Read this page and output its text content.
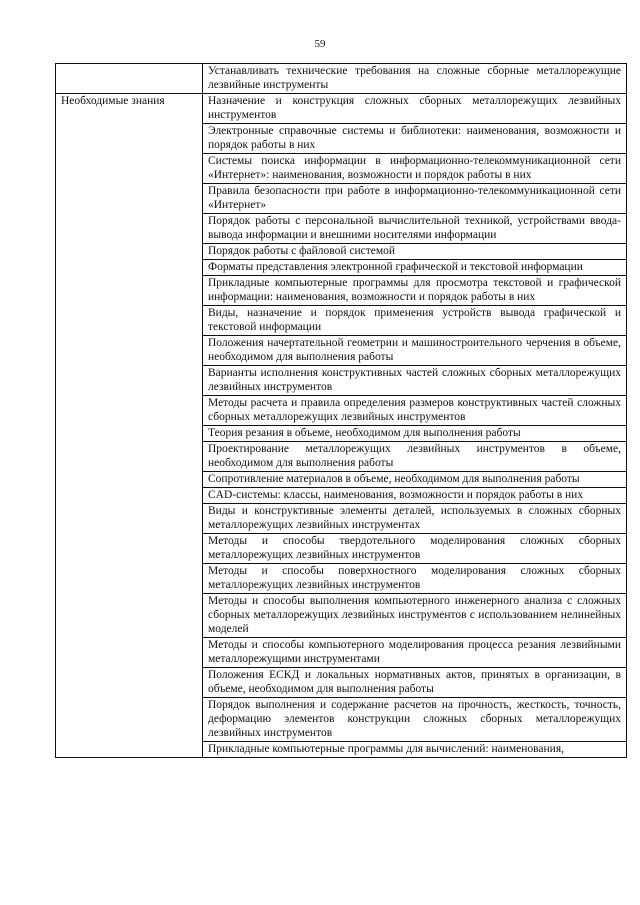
59
	Устанавливать технические требования на сложные сборные металлорежущие лезвийные инструменты
Необходимые знания	Назначение и конструкция сложных сборных металлорежущих лезвийных инструментов
	Электронные справочные системы и библиотеки: наименования, возможности и порядок работы в них
	Системы поиска информации в информационно-телекоммуникационной сети «Интернет»: наименования, возможности и порядок работы в них
	Правила безопасности при работе в информационно-телекоммуникационной сети «Интернет»
	Порядок работы с персональной вычислительной техникой, устройствами ввода-вывода информации и внешними носителями информации
	Порядок работы с файловой системой
	Форматы представления электронной графической и текстовой информации
	Прикладные компьютерные программы для просмотра текстовой и графической информации: наименования, возможности и порядок работы в них
	Виды, назначение и порядок применения устройств вывода графической и текстовой информации
	Положения начертательной геометрии и машиностроительного черчения в объеме, необходимом для выполнения работы
	Варианты исполнения конструктивных частей сложных сборных металлорежущих лезвийных инструментов
	Методы расчета и правила определения размеров конструктивных частей сложных сборных металлорежущих лезвийных инструментов
	Теория резания в объеме, необходимом для выполнения работы
	Проектирование металлорежущих лезвийных инструментов в объеме, необходимом для выполнения работы
	Сопротивление материалов в объеме, необходимом для выполнения работы
	CAD-системы: классы, наименования, возможности и порядок работы в них
	Виды и конструктивные элементы деталей, используемых в сложных сборных металлорежущих лезвийных инструментах
	Методы и способы твердотельного моделирования сложных сборных металлорежущих лезвийных инструментов
	Методы и способы поверхностного моделирования сложных сборных металлорежущих лезвийных инструментов
	Методы и способы выполнения компьютерного инженерного анализа с сложных сборных металлорежущих лезвийных инструментов с использованием нелинейных моделей
	Методы и способы компьютерного моделирования процесса резания лезвийными металлорежущими инструментами
	Положения ЕСКД и локальных нормативных актов, принятых в организации, в объеме, необходимом для выполнения работы
	Порядок выполнения и содержание расчетов на прочность, жесткость, точность, деформацию элементов конструкции сложных сборных металлорежущих лезвийных инструментов
	Прикладные компьютерные программы для вычислений: наименования,
